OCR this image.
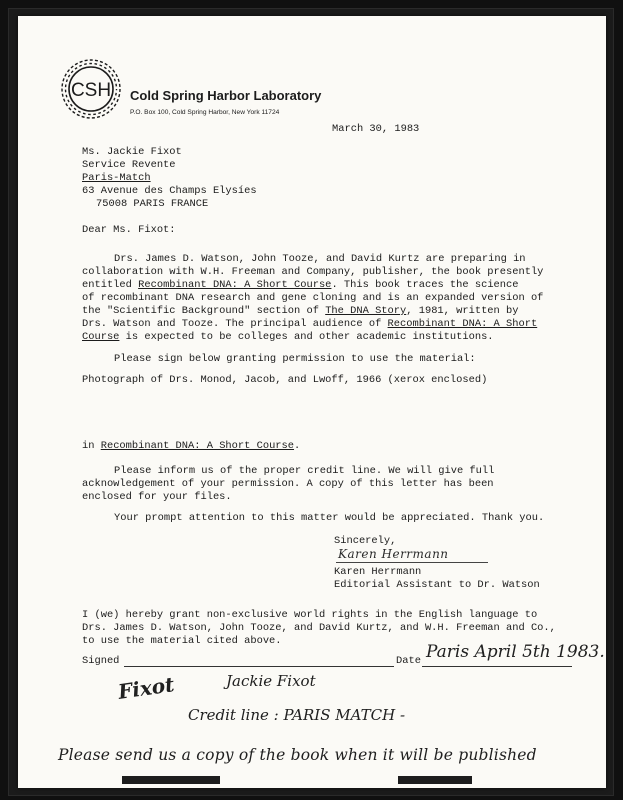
CSH Cold Spring Harbor Laboratory
P.O. Box 100, Cold Spring Harbor, New York 11724
March 30, 1983
Ms. Jackie Fixot
Service Revente
Paris-Match
63 Avenue des Champs Elysíes
75008 PARIS FRANCE
Dear Ms. Fixot:
Drs. James D. Watson, John Tooze, and David Kurtz are preparing in
collaboration with W.H. Freeman and Company, publisher, the book presently
entitled Recombinant DNA: A Short Course. This book traces the science
of recombinant DNA research and gene cloning and is an expanded version of
the "Scientific Background" section of The DNA Story, 1981, written by
Drs. Watson and Tooze. The principal audience of Recombinant DNA: A Short
Course is expected to be colleges and other academic institutions.
Please sign below granting permission to use the material:
Photograph of Drs. Monod, Jacob, and Lwoff, 1966 (xerox enclosed)
in Recombinant DNA: A Short Course.
Please inform us of the proper credit line. We will give full
acknowledgement of your permission. A copy of this letter has been
enclosed for your files.
Your prompt attention to this matter would be appreciated. Thank you.
Sincerely,
Karen Herrmann
Karen Herrmann
Editorial Assistant to Dr. Watson
I (we) hereby grant non-exclusive world rights in the English language to
Drs. James D. Watson, John Tooze, and David Kurtz, and W.H. Freeman and Co.,
to use the material cited above.
Signed	Date Paris April 5th 1983.
Fixot	Jackie Fixot
Credit line : PARIS MATCH -
Please send us a copy of the book when it will be published
